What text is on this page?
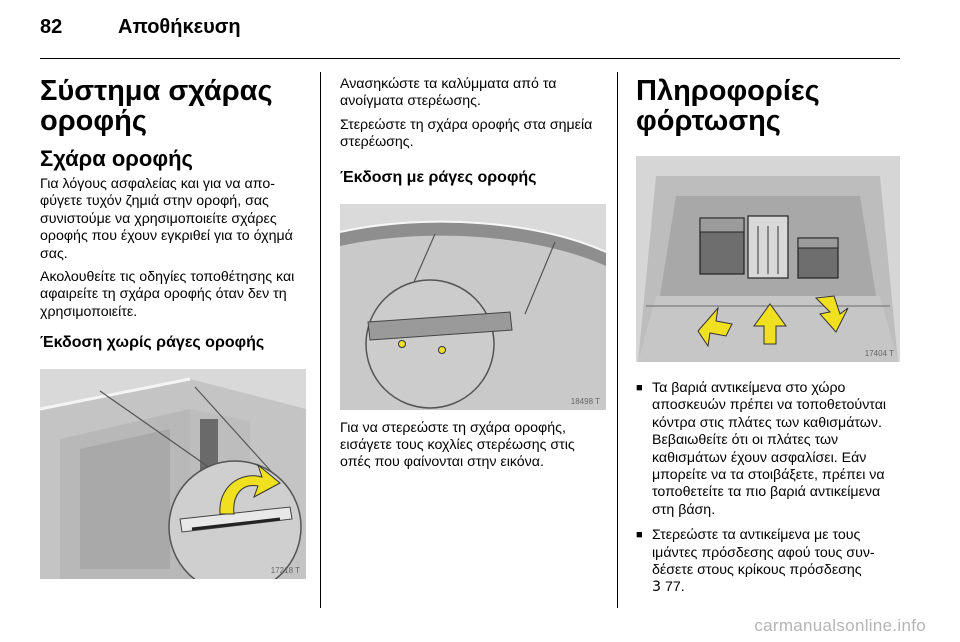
82	Αποθήκευση
Σύστημα σχάρας οροφής
Σχάρα οροφής

Για λόγους ασφαλείας και για να αποφύγετε τυχόν ζημιά στην οροφή, σας συνιστούμε να χρησιμοποιείτε σχάρες οροφής που έχουν εγκριθεί για το όχημά σας.

Ακολουθείτε τις οδηγίες τοποθέτησης και αφαιρείτε τη σχάρα οροφής όταν δεν τη χρησιμοποιείτε.

Έκδοση χωρίς ράγες οροφής
17218 T

Ανασηκώστε τα καλύμματα από τα ανοίγματα στερέωσης.

Στερεώστε τη σχάρα οροφής στα σημεία στερέωσης.

Έκδοση με ράγες οροφής
18498 T

Για να στερεώστε τη σχάρα οροφής, εισάγετε τους κοχλίες στερέωσης στις οπές που φαίνονται στην εικόνα.

Πληροφορίες φόρτωσης
17404 T
■ Τα βαριά αντικείμενα στο χώρο αποσκευών πρέπει να τοποθετούνται κόντρα στις πλάτες των καθισμάτων. Βεβαιωθείτε ότι οι πλάτες των καθισμάτων έχουν ασφαλίσει. Εάν μπορείτε να τα στοιβάξετε, πρέπει να τοποθετείτε τα πιο βαριά αντικείμενα στη βάση.
■ Στερεώστε τα αντικείμενα με τους ιμάντες πρόσδεσης αφού τους συνδέσετε στους κρίκους πρόσδεσης
3 77.
carmanualsonline.info
